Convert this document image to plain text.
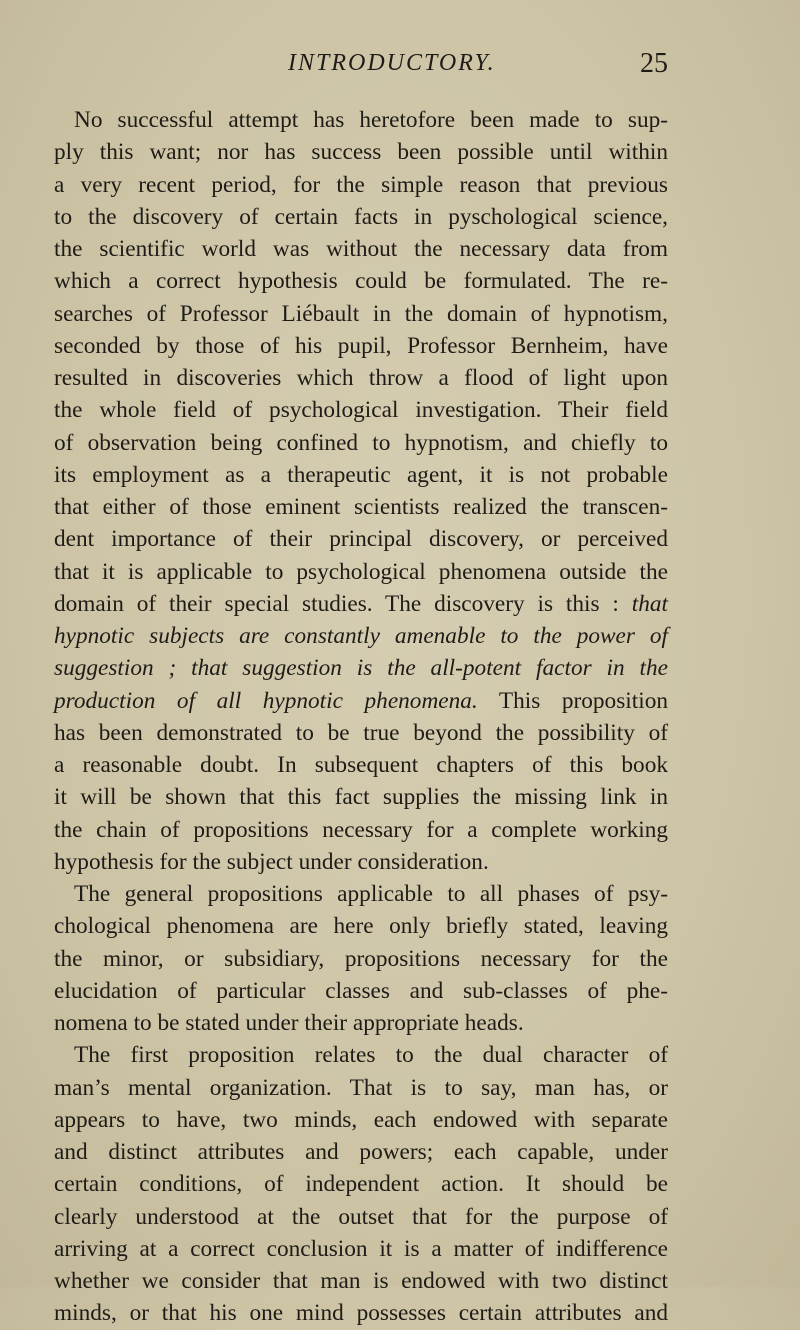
INTRODUCTORY.	25
No successful attempt has heretofore been made to sup-
ply this want; nor has success been possible until within
a very recent period, for the simple reason that previous
to the discovery of certain facts in pyschological science,
the scientific world was without the necessary data from
which a correct hypothesis could be formulated. The re-
searches of Professor Liébault in the domain of hypnotism,
seconded by those of his pupil, Professor Bernheim, have
resulted in discoveries which throw a flood of light upon
the whole field of psychological investigation. Their field
of observation being confined to hypnotism, and chiefly to
its employment as a therapeutic agent, it is not probable
that either of those eminent scientists realized the transcen-
dent importance of their principal discovery, or perceived
that it is applicable to psychological phenomena outside the
domain of their special studies. The discovery is this : that
hypnotic subjects are constantly amenable to the power of
suggestion ; that suggestion is the all-potent factor in the
production of all hypnotic phenomena. This proposition
has been demonstrated to be true beyond the possibility of
a reasonable doubt. In subsequent chapters of this book
it will be shown that this fact supplies the missing link in
the chain of propositions necessary for a complete working
hypothesis for the subject under consideration.
The general propositions applicable to all phases of psy-
chological phenomena are here only briefly stated, leaving
the minor, or subsidiary, propositions necessary for the
elucidation of particular classes and sub-classes of phe-
nomena to be stated under their appropriate heads.
The first proposition relates to the dual character of
man’s mental organization. That is to say, man has, or
appears to have, two minds, each endowed with separate
and distinct attributes and powers; each capable, under
certain conditions, of independent action. It should be
clearly understood at the outset that for the purpose of
arriving at a correct conclusion it is a matter of indifference
whether we consider that man is endowed with two distinct
minds, or that his one mind possesses certain attributes and
